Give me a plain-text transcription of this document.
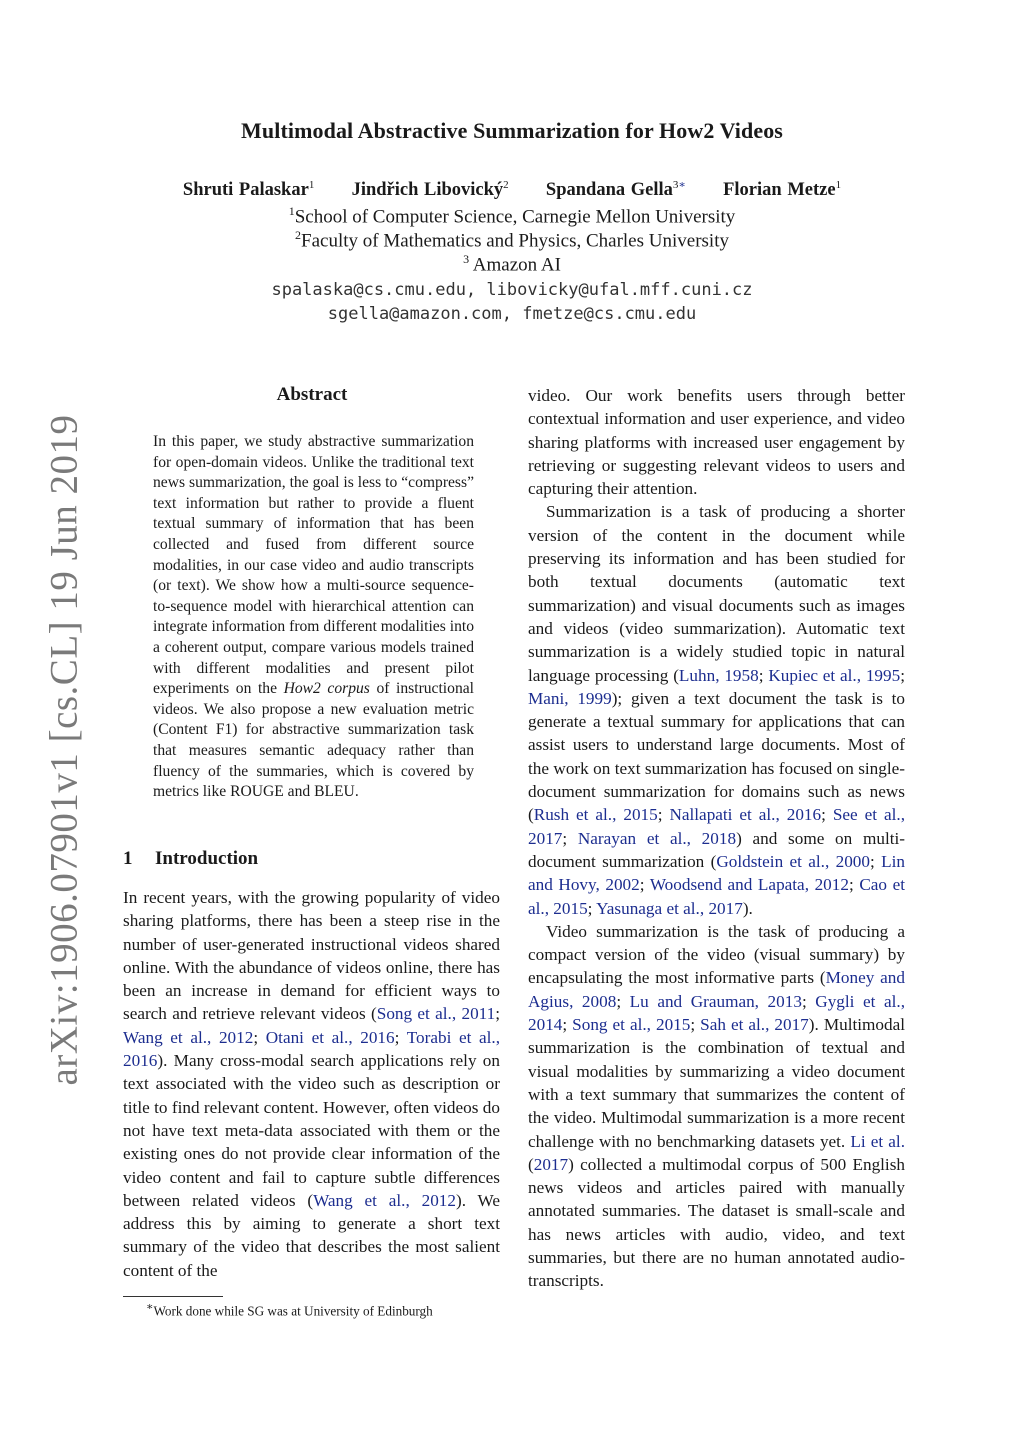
arXiv:1906.07901v1 [cs.CL] 19 Jun 2019
Multimodal Abstractive Summarization for How2 Videos
Shruti Palaskar$^1$ Jindřich Libovický$^2$ Spandana Gella$^{3∗}$ Florian Metze$^1$
$^1$School of Computer Science, Carnegie Mellon University
$^2$Faculty of Mathematics and Physics, Charles University
$^3$ Amazon AI
spalaska@cs.cmu.edu, libovicky@ufal.mff.cuni.cz
sgella@amazon.com, fmetze@cs.cmu.edu
Abstract

In this paper, we study abstractive summarization for open-domain videos. Unlike the traditional text news summarization, the goal is less to “compress” text information but rather to provide a fluent textual summary of information that has been collected and fused from different source modalities, in our case video and audio transcripts (or text). We show how a multi-source sequence-to-sequence model with hierarchical attention can integrate information from different modalities into a coherent output, compare various models trained with different modalities and present pilot experiments on the How2 corpus of instructional videos. We also propose a new evaluation metric (Content F1) for abstractive summarization task that measures semantic adequacy rather than fluency of the summaries, which is covered by metrics like ROUGE and BLEU.

1 Introduction

In recent years, with the growing popularity of video sharing platforms, there has been a steep rise in the number of user-generated instructional videos shared online. With the abundance of videos online, there has been an increase in demand for efficient ways to search and retrieve relevant videos (Song et al., 2011; Wang et al., 2012; Otani et al., 2016; Torabi et al., 2016). Many cross-modal search applications rely on text associated with the video such as description or title to find relevant content. However, often videos do not have text meta-data associated with them or the existing ones do not provide clear information of the video content and fail to capture subtle differences between related videos (Wang et al., 2012). We address this by aiming to generate a short text summary of the video that describes the most salient content of the

video. Our work benefits users through better contextual information and user experience, and video sharing platforms with increased user engagement by retrieving or suggesting relevant videos to users and capturing their attention.

Summarization is a task of producing a shorter version of the content in the document while preserving its information and has been studied for both textual documents (automatic text summarization) and visual documents such as images and videos (video summarization). Automatic text summarization is a widely studied topic in natural language processing (Luhn, 1958; Kupiec et al., 1995; Mani, 1999); given a text document the task is to generate a textual summary for applications that can assist users to understand large documents. Most of the work on text summarization has focused on single-document summarization for domains such as news (Rush et al., 2015; Nallapati et al., 2016; See et al., 2017; Narayan et al., 2018) and some on multi-document summarization (Goldstein et al., 2000; Lin and Hovy, 2002; Woodsend and Lapata, 2012; Cao et al., 2015; Yasunaga et al., 2017).

Video summarization is the task of producing a compact version of the video (visual summary) by encapsulating the most informative parts (Money and Agius, 2008; Lu and Grauman, 2013; Gygli et al., 2014; Song et al., 2015; Sah et al., 2017). Multimodal summarization is the combination of textual and visual modalities by summarizing a video document with a text summary that summarizes the content of the video. Multimodal summarization is a more recent challenge with no benchmarking datasets yet. Li et al. (2017) collected a multimodal corpus of 500 English news videos and articles paired with manually annotated summaries. The dataset is small-scale and has news articles with audio, video, and text summaries, but there are no human annotated audio-transcripts.

∗Work done while SG was at University of Edinburgh
